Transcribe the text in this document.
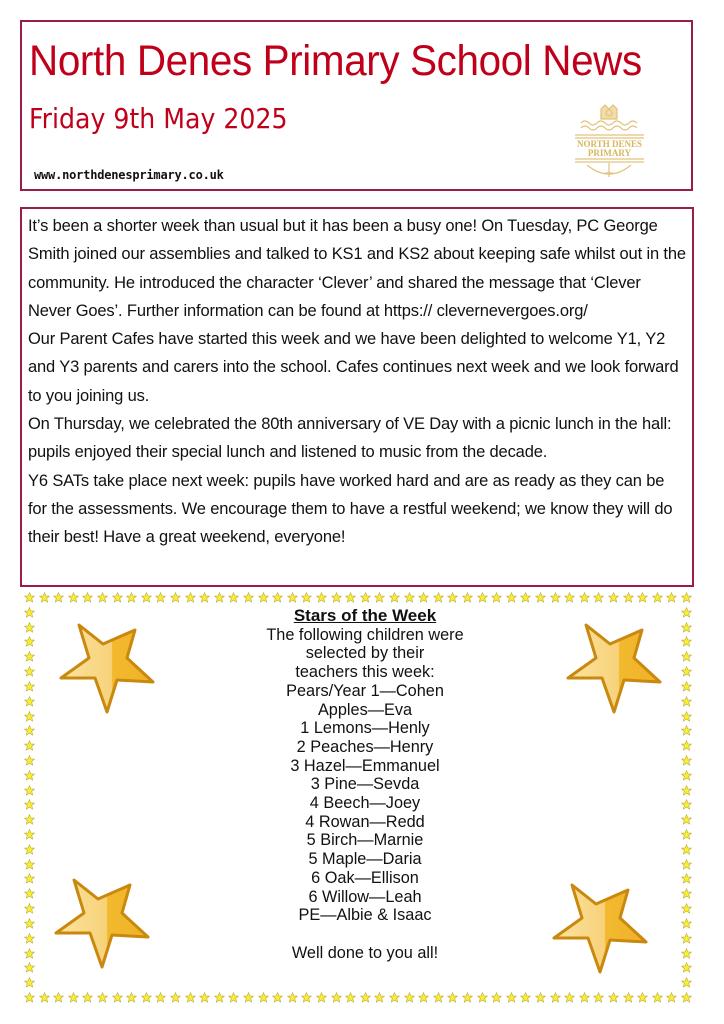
North Denes Primary School News
Friday 9th May 2025
www.northdenesprimary.co.uk
NORTH DENES
PRIMARY

It’s been a shorter week than usual but it has been a busy one! On Tuesday, PC George Smith joined our assemblies and talked to KS1 and KS2 about keeping safe whilst out in the community. He introduced the character ‘Clever’ and shared the message that ‘Clever Never Goes’. Further information can be found at https:// clevernevergoes.org/

Our Parent Cafes have started this week and we have been delighted to welcome Y1, Y2 and Y3 parents and carers into the school. Cafes continues next week and we look forward to you joining us.

On Thursday, we celebrated the 80th anniversary of VE Day with a picnic lunch in the hall: pupils enjoyed their special lunch and listened to music from the decade.

Y6 SATs take place next week: pupils have worked hard and are as ready as they can be for the assessments. We encourage them to have a restful weekend; we know they will do their best! Have a great weekend, everyone!

Stars of the Week
The following children were
selected by their
teachers this week:
Pears/Year 1—Cohen
Apples—Eva
1 Lemons—Henly
2 Peaches—Henry
3 Hazel—Emmanuel
3 Pine—Sevda
4 Beech—Joey
4 Rowan—Redd
5 Birch—Marnie
5 Maple—Daria
6 Oak—Ellison
6 Willow—Leah
PE—Albie & Isaac
Well done to you all!
